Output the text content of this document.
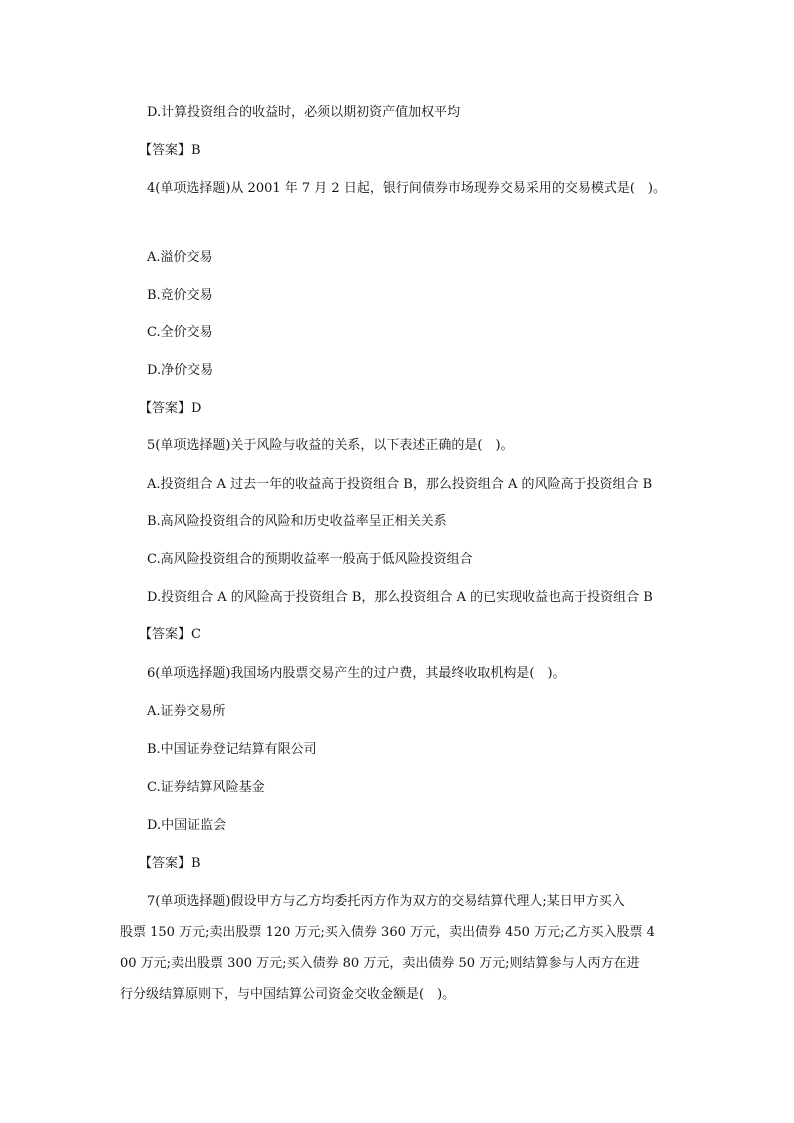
D.计算投资组合的收益时，必须以期初资产值加权平均
【答案】B
4(单项选择题)从 2001 年 7 月 2 日起，银行间债券市场现券交易采用的交易模式是(　)。
A.溢价交易
B.竞价交易
C.全价交易
D.净价交易
【答案】D
5(单项选择题)关于风险与收益的关系，以下表述正确的是(　)。
A.投资组合 A 过去一年的收益高于投资组合 B，那么投资组合 A 的风险高于投资组合 B
B.高风险投资组合的风险和历史收益率呈正相关关系
C.高风险投资组合的预期收益率一般高于低风险投资组合
D.投资组合 A 的风险高于投资组合 B，那么投资组合 A 的已实现收益也高于投资组合 B
【答案】C
6(单项选择题)我国场内股票交易产生的过户费，其最终收取机构是(　)。
A.证券交易所
B.中国证券登记结算有限公司
C.证券结算风险基金
D.中国证监会
【答案】B
7(单项选择题)假设甲方与乙方均委托丙方作为双方的交易结算代理人;某日甲方买入
股票 150 万元;卖出股票 120 万元;买入债券 360 万元，卖出债券 450 万元;乙方买入股票 4
00 万元;卖出股票 300 万元;买入债券 80 万元，卖出债券 50 万元;则结算参与人丙方在进
行分级结算原则下，与中国结算公司资金交收金额是(　)。
